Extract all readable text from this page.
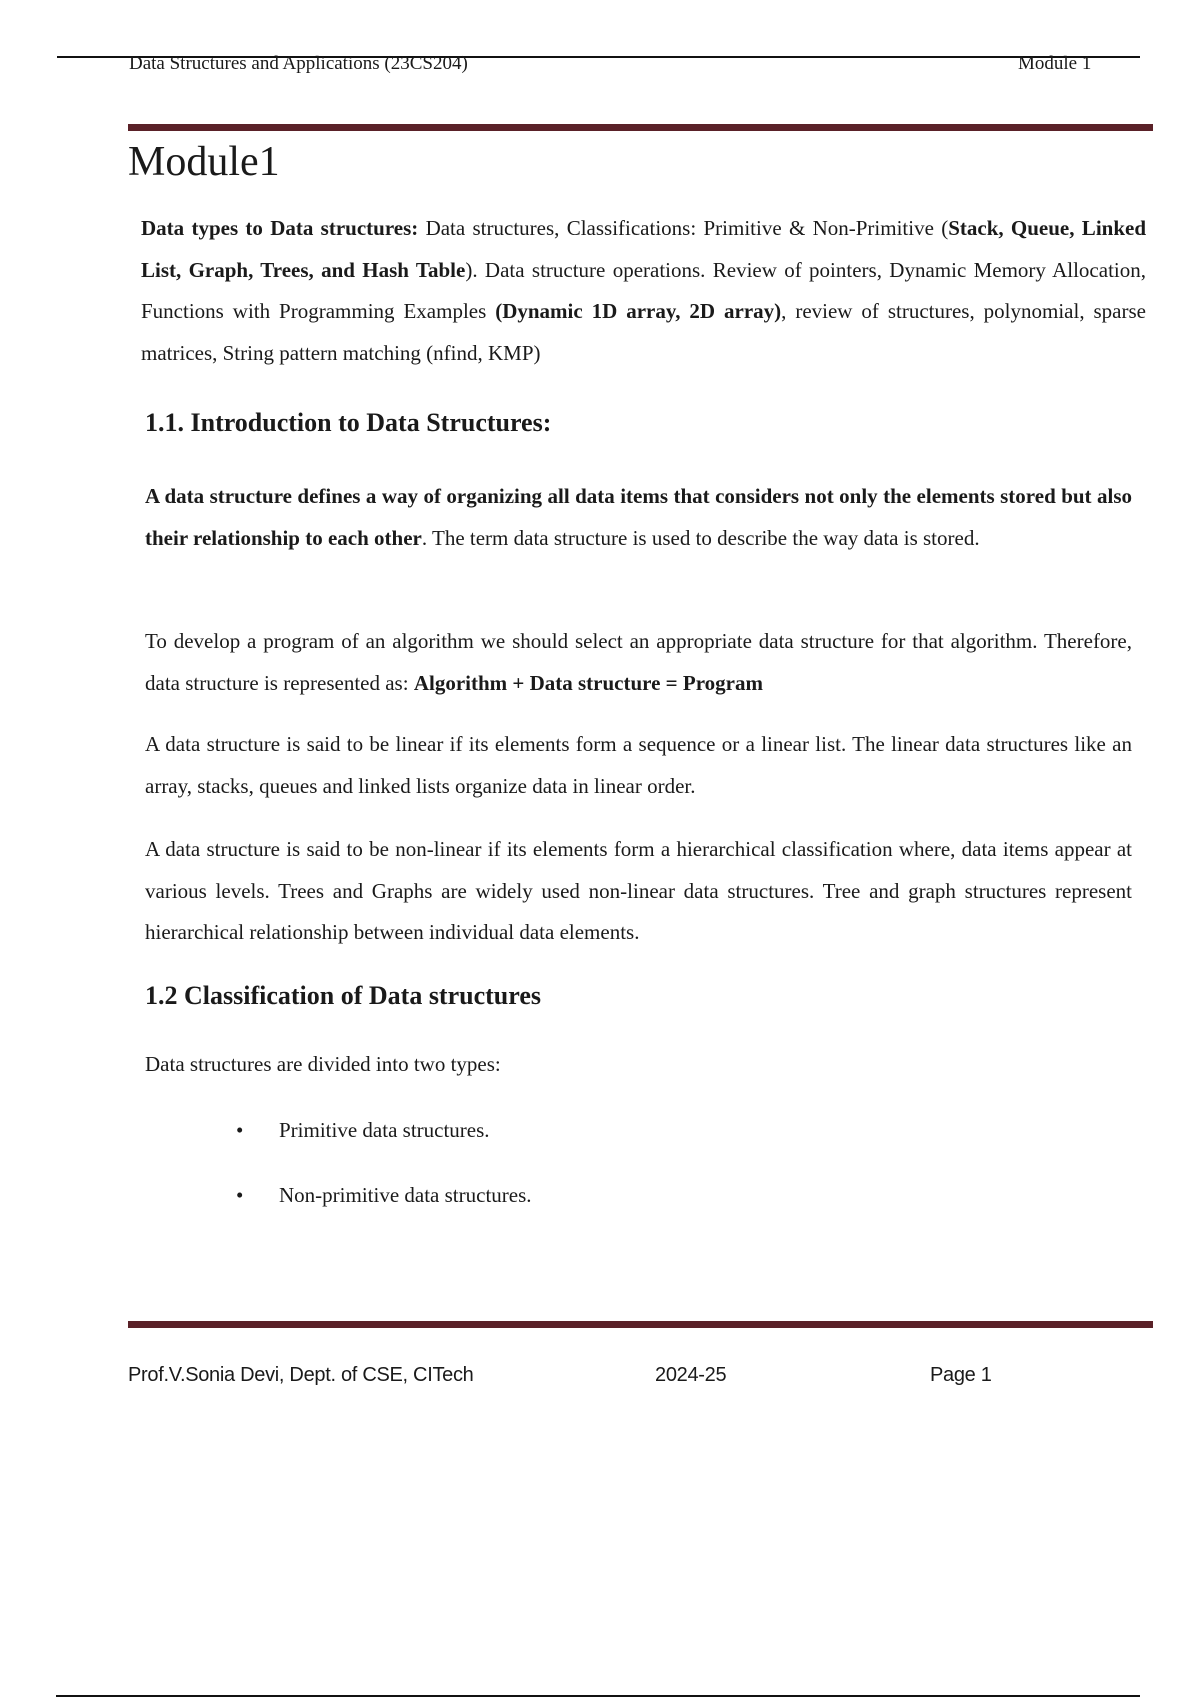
Data Structures and Applications (23CS204)	Module 1
Module1
Data types to Data structures: Data structures, Classifications: Primitive & Non-Primitive (Stack, Queue, Linked List, Graph, Trees, and Hash Table). Data structure operations. Review of pointers, Dynamic Memory Allocation, Functions with Programming Examples (Dynamic 1D array, 2D array), review of structures, polynomial, sparse matrices, String pattern matching (nfind, KMP)
1.1. Introduction to Data Structures:
A data structure defines a way of organizing all data items that considers not only the elements stored but also their relationship to each other. The term data structure is used to describe the way data is stored.
To develop a program of an algorithm we should select an appropriate data structure for that algorithm. Therefore, data structure is represented as: Algorithm + Data structure = Program
A data structure is said to be linear if its elements form a sequence or a linear list. The linear data structures like an array, stacks, queues and linked lists organize data in linear order.
A data structure is said to be non-linear if its elements form a hierarchical classification where, data items appear at various levels. Trees and Graphs are widely used non-linear data structures. Tree and graph structures represent hierarchical relationship between individual data elements.
1.2 Classification of Data structures
Data structures are divided into two types:
• Primitive data structures.
• Non-primitive data structures.
Prof.V.Sonia Devi, Dept. of CSE, CITech	2024-25	Page 1
